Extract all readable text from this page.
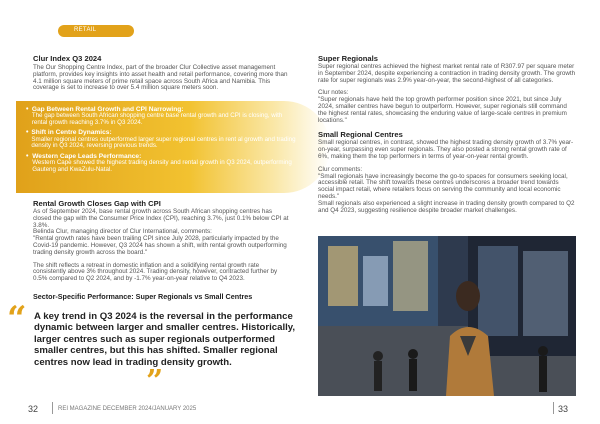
RETAIL
Clur Index Q3 2024
The Our Shopping Centre Index, part of the broader Clur Collective asset management platform, provides key insights into asset health and retail performance, covering more than 4.1 million square meters of prime retail space across South Africa and Namibia. This coverage is set to increase to over 5.4 million square meters soon.
• Gap Between Rental Growth and CPI Narrowing:
The gap between South African shopping centre base rental growth and CPI is closing, with rental growth reaching 3.7% in Q3 2024.
• Shift in Centre Dynamics:
Smaller regional centres outperformed larger super regional centres in rent al growth and trading density in Q3 2024, reversing previous trends.
• Western Cape Leads Performance:
Western Cape showed the highest trading density and rental growth in Q3 2024, outperforming Gauteng and KwaZulu-Natal.
Rental Growth Closes Gap with CPI
As of September 2024, base rental growth across South African shopping centres has closed the gap with the Consumer Price Index (CPI), reaching 3.7%, just 0.1% below CPI at 3.8%.
Belinda Clur, managing director of Clur International, comments:
"Rental growth rates have been trailing CPI since July 2028, particularly impacted by the Covid-19 pandemic. However, Q3 2024 has shown a shift, with rental growth outperforming trading density growth across the board."
The shift reflects a retreat in domestic inflation and a solidifying rental growth rate consistently above 3% throughout 2024. Trading density, however, contracted further by 0.5% compared to Q2 2024, and by -1.7% year-on-year relative to Q4 2023.
Sector-Specific Performance: Super Regionals vs Small Centres
“ A key trend in Q3 2024 is the reversal in the performance dynamic between larger and smaller centres. Historically, larger centres such as super regionals outperformed smaller centres, but this has shifted. Smaller regional centres now lead in trading density growth.
”
Super Regionals
Super regional centres achieved the highest market rental rate of R307.97 per square meter in September 2024, despite experiencing a contraction in trading density growth. The growth rate for super regionals was 2.9% year-on-year, the second-highest of all categories.
Clur notes:
"Super regionals have held the top growth performer position since 2021, but since July 2024, smaller centres have begun to outperform. However, super regionals still command the highest rental rates, showcasing the enduring value of large-scale centres in premium locations."
Small Regional Centres
Small regional centres, in contrast, showed the highest trading density growth of 3.7% year-on-year, surpassing even super regionals. They also posted a strong rental growth rate of 6%, making them the top performers in terms of year-on-year rental growth.
Clur comments:
"Small regionals have increasingly become the go-to spaces for consumers seeking local, accessible retail. The shift towards these centres underscores a broader trend towards social impact retail, where retailers focus on serving the community and local economic needs."
Small regionals also experienced a slight increase in trading density growth compared to Q2 and Q4 2023, suggesting resilience despite broader market challenges.
32	REI MAGAZINE DECEMBER 2024/JANUARY 2025	33
